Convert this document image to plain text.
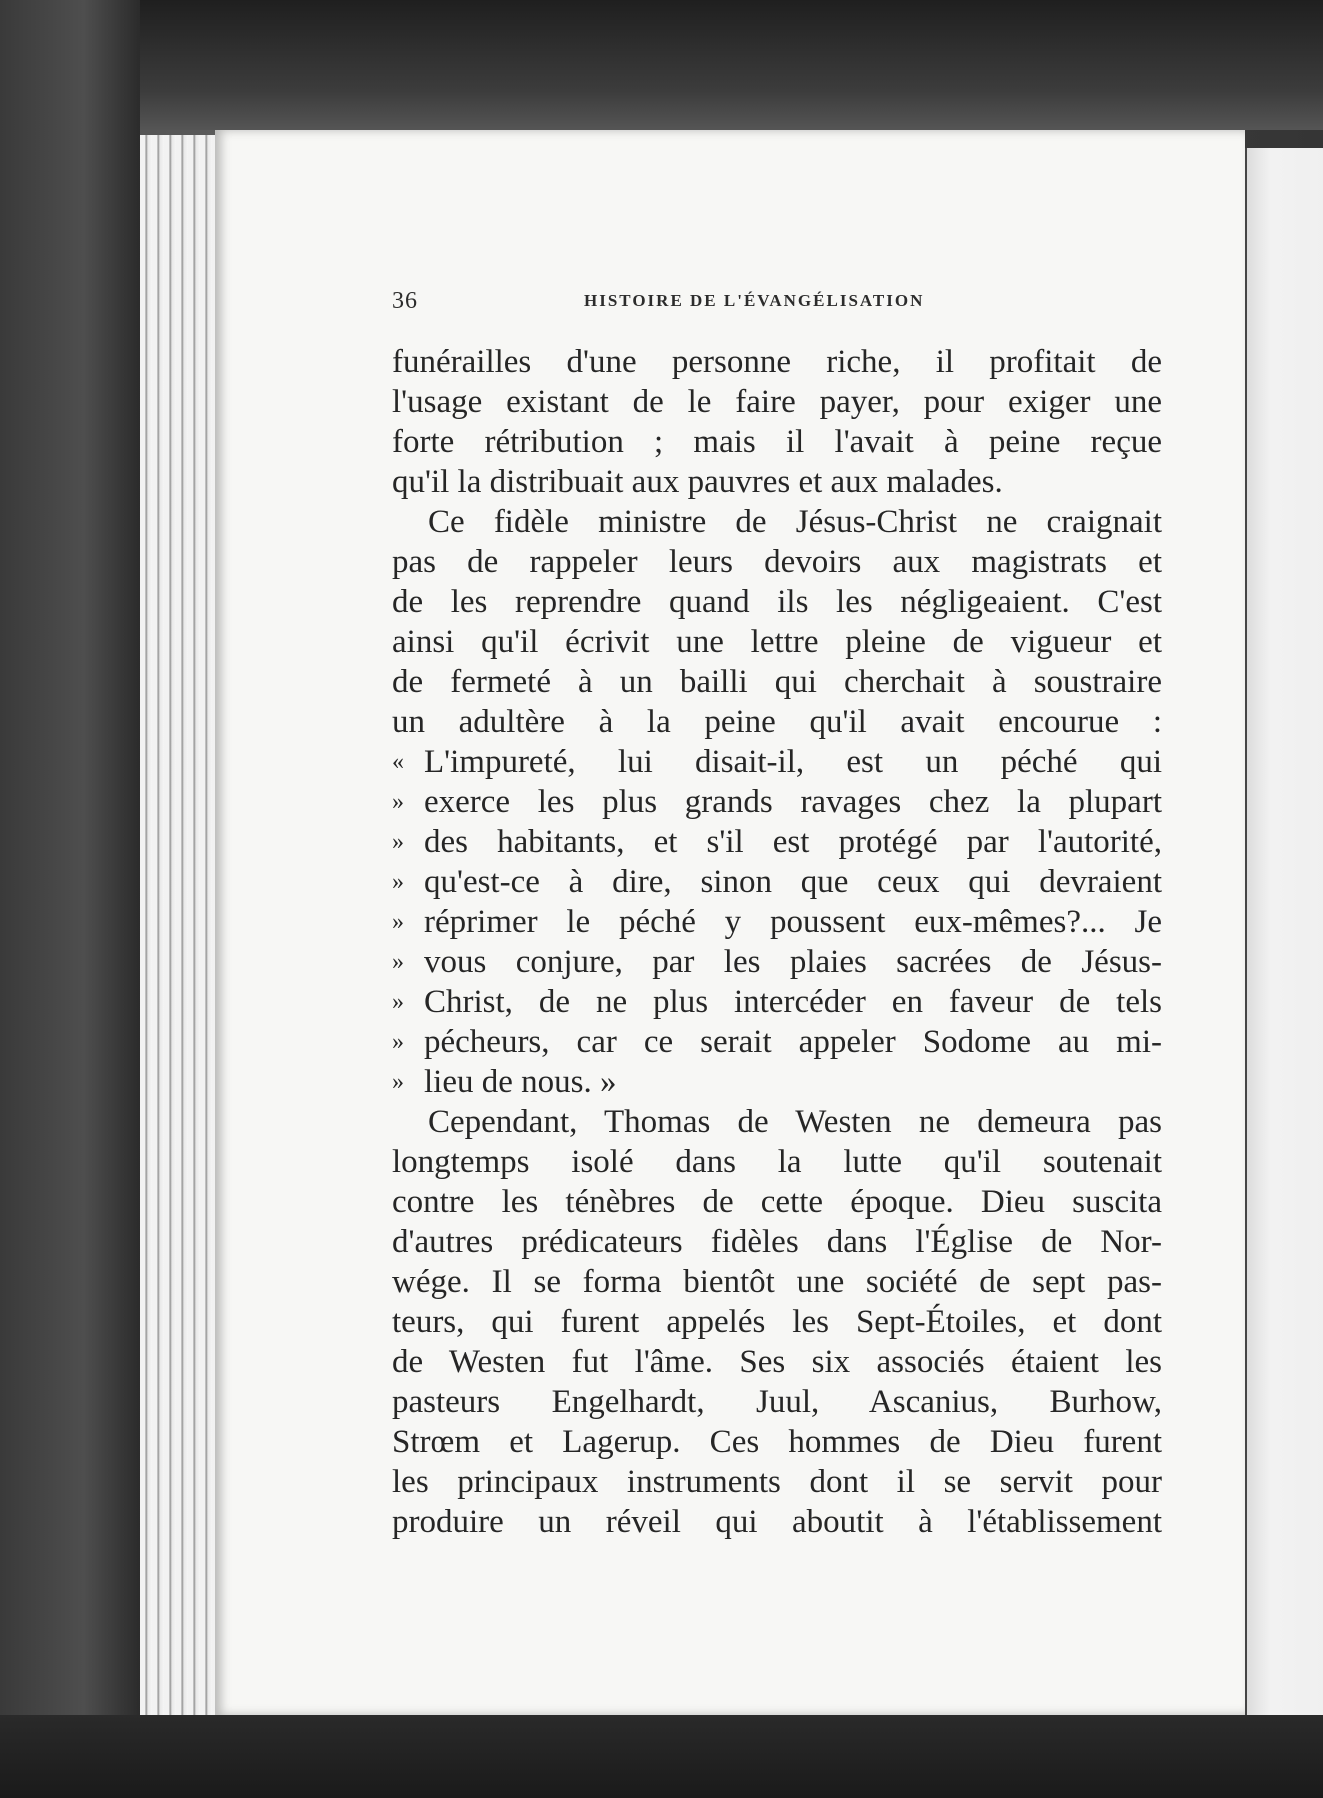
36	HISTOIRE DE L'ÉVANGÉLISATION
funérailles d'une personne riche, il profitait de
l'usage existant de le faire payer, pour exiger une
forte rétribution ; mais il l'avait à peine reçue
qu'il la distribuait aux pauvres et aux malades.
Ce fidèle ministre de Jésus-Christ ne craignait
pas de rappeler leurs devoirs aux magistrats et
de les reprendre quand ils les négligeaient. C'est
ainsi qu'il écrivit une lettre pleine de vigueur et
de fermeté à un bailli qui cherchait à soustraire
un adultère à la peine qu'il avait encourue :
« L'impureté, lui disait-il, est un péché qui
» exerce les plus grands ravages chez la plupart
» des habitants, et s'il est protégé par l'autorité,
» qu'est-ce à dire, sinon que ceux qui devraient
» réprimer le péché y poussent eux-mêmes?... Je
» vous conjure, par les plaies sacrées de Jésus-
» Christ, de ne plus intercéder en faveur de tels
» pécheurs, car ce serait appeler Sodome au mi-
» lieu de nous. »
Cependant, Thomas de Westen ne demeura pas
longtemps isolé dans la lutte qu'il soutenait
contre les ténèbres de cette époque. Dieu suscita
d'autres prédicateurs fidèles dans l'Église de Nor-
wége. Il se forma bientôt une société de sept pas-
teurs, qui furent appelés les Sept-Étoiles, et dont
de Westen fut l'âme. Ses six associés étaient les
pasteurs Engelhardt, Juul, Ascanius, Burhow,
Strœm et Lagerup. Ces hommes de Dieu furent
les principaux instruments dont il se servit pour
produire un réveil qui aboutit à l'établissement
